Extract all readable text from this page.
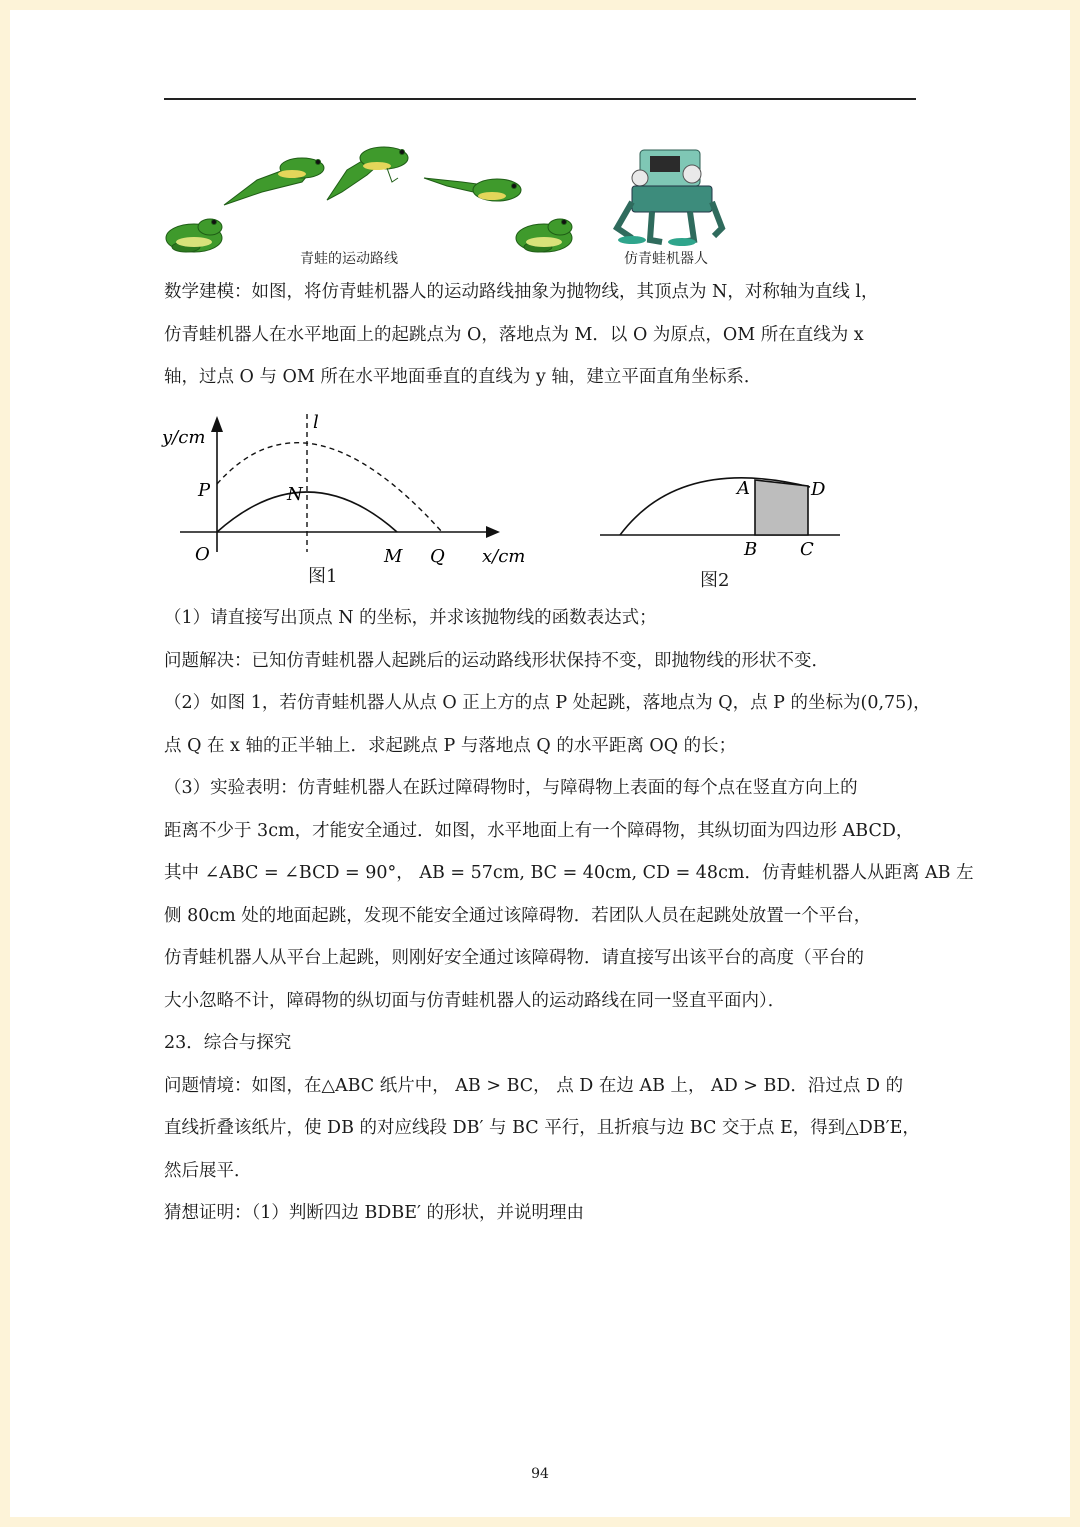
青蛙的运动路线	仿青蛙机器人

数学建模：如图，将仿青蛙机器人的运动路线抽象为抛物线，其顶点为 N，对称轴为直线 l，

仿青蛙机器人在水平地面上的起跳点为 O，落地点为 M．以 O 为原点，OM 所在直线为 x

轴，过点 O 与 OM 所在水平地面垂直的直线为 y 轴，建立平面直角坐标系．

y/cm
l
P	N
O	M Q x/cm
图1
A	D
B C
图2

（1）请直接写出顶点 N 的坐标，并求该抛物线的函数表达式；

问题解决：已知仿青蛙机器人起跳后的运动路线形状保持不变，即抛物线的形状不变．

（2）如图 1，若仿青蛙机器人从点 O 正上方的点 P 处起跳，落地点为 Q，点 P 的坐标为(0,75)，

点 Q 在 x 轴的正半轴上．求起跳点 P 与落地点 Q 的水平距离 OQ 的长；

（3）实验表明：仿青蛙机器人在跃过障碍物时，与障碍物上表面的每个点在竖直方向上的

距离不少于 3cm，才能安全通过．如图，水平地面上有一个障碍物，其纵切面为四边形 ABCD，

其中 ∠ABC = ∠BCD = 90°， AB = 57cm, BC = 40cm, CD = 48cm．仿青蛙机器人从距离 AB 左

侧 80cm 处的地面起跳，发现不能安全通过该障碍物．若团队人员在起跳处放置一个平台，

仿青蛙机器人从平台上起跳，则刚好安全通过该障碍物．请直接写出该平台的高度（平台的

大小忽略不计，障碍物的纵切面与仿青蛙机器人的运动路线在同一竖直平面内）．

23．综合与探究

问题情境：如图，在△ABC 纸片中， AB > BC， 点 D 在边 AB 上， AD > BD．沿过点 D 的

直线折叠该纸片，使 DB 的对应线段 DB′ 与 BC 平行，且折痕与边 BC 交于点 E，得到△DB′E，

然后展平．

猜想证明：（1）判断四边 BDBE′ 的形状，并说明理由

94
